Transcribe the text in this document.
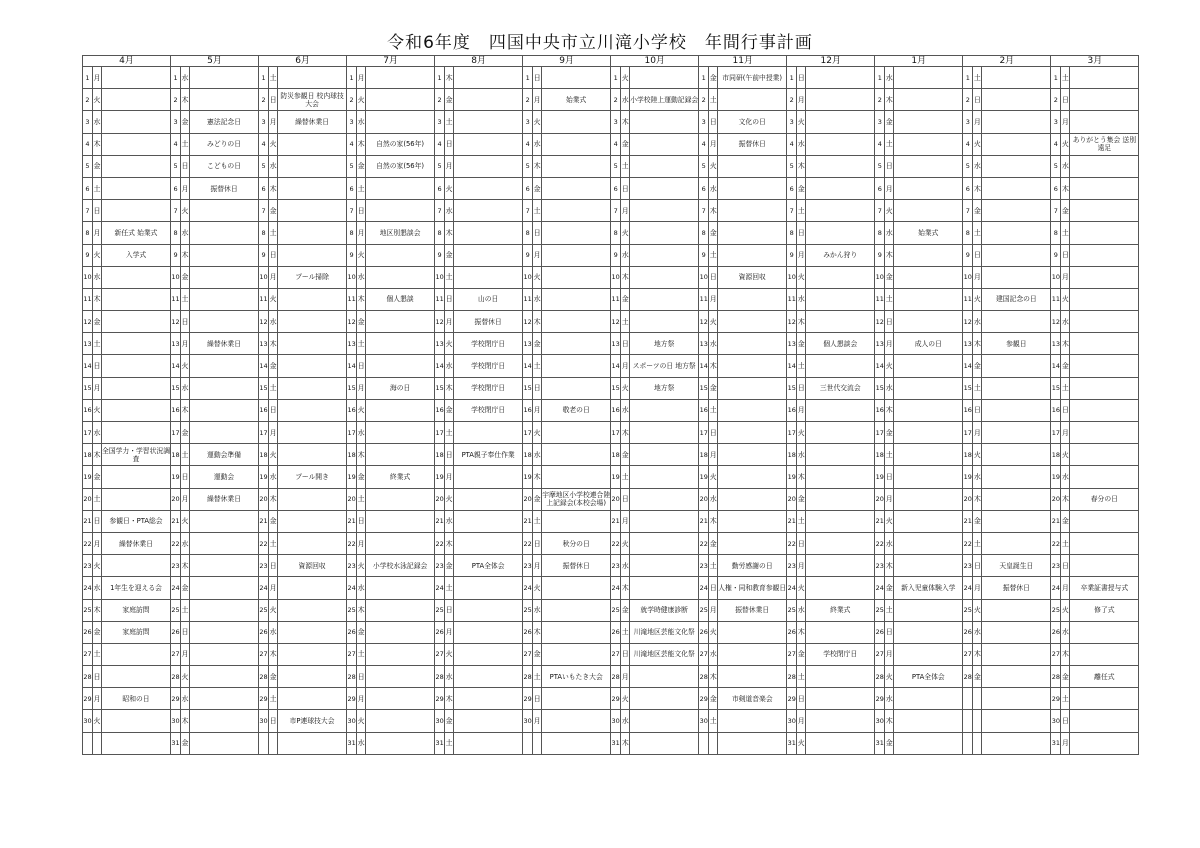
令和6年度　四国中央市立川滝小学校　年間行事計画
4月			5月			6月			7月			8月			9月			10月			11月			12月			1月			2月			3月		
1	月		1	水		1	土		1	月		1	木		1	日		1	火		1	金	市同研(午前中授業)	1	日		1	水		1	土		1	土	
2	火		2	木		2	日	防災参観日 校内球技大会	2	火		2	金		2	月	始業式	2	水	小学校陸上運動記録会	2	土		2	月		2	木		2	日		2	日	
3	水		3	金	憲法記念日	3	月	繰替休業日	3	水		3	土		3	火		3	木		3	日	文化の日	3	火		3	金		3	月		3	月	
4	木		4	土	みどりの日	4	火		4	木	自然の家(56年)	4	日		4	水		4	金		4	月	振替休日	4	水		4	土		4	火		4	火	ありがとう集会 送別遠足
5	金		5	日	こどもの日	5	水		5	金	自然の家(56年)	5	月		5	木		5	土		5	火		5	木		5	日		5	水		5	水	
6	土		6	月	振替休日	6	木		6	土		6	火		6	金		6	日		6	水		6	金		6	月		6	木		6	木	
7	日		7	火		7	金		7	日		7	水		7	土		7	月		7	木		7	土		7	火		7	金		7	金	
8	月	新任式 始業式	8	水		8	土		8	月	地区別懇談会	8	木		8	日		8	火		8	金		8	日		8	水	始業式	8	土		8	土	
9	火	入学式	9	木		9	日		9	火		9	金		9	月		9	水		9	土		9	月	みかん狩り	9	木		9	日		9	日	
10	水		10	金		10	月	プール掃除	10	水		10	土		10	火		10	木		10	日	資源回収	10	火		10	金		10	月		10	月	
11	木		11	土		11	火		11	木	個人懇談	11	日	山の日	11	水		11	金		11	月		11	水		11	土		11	火	建国記念の日	11	火	
12	金		12	日		12	水		12	金		12	月	振替休日	12	木		12	土		12	火		12	木		12	日		12	水		12	水	
13	土		13	月	繰替休業日	13	木		13	土		13	火	学校閉庁日	13	金		13	日	地方祭	13	水		13	金	個人懇談会	13	月	成人の日	13	木	参観日	13	木	
14	日		14	火		14	金		14	日		14	水	学校閉庁日	14	土		14	月	スポーツの日 地方祭	14	木		14	土		14	火		14	金		14	金	
15	月		15	水		15	土		15	月	海の日	15	木	学校閉庁日	15	日		15	火	地方祭	15	金		15	日	三世代交流会	15	水		15	土		15	土	
16	火		16	木		16	日		16	火		16	金	学校閉庁日	16	月	敬老の日	16	水		16	土		16	月		16	木		16	日		16	日	
17	水		17	金		17	月		17	水		17	土		17	火		17	木		17	日		17	火		17	金		17	月		17	月	
18	木	全国学力・学習状況調査	18	土	運動会準備	18	火		18	木		18	日	PTA親子奉仕作業	18	水		18	金		18	月		18	水		18	土		18	火		18	火	
19	金		19	日	運動会	19	水	プール開き	19	金	終業式	19	月		19	木		19	土		19	火		19	木		19	日		19	水		19	水	
20	土		20	月	繰替休業日	20	木		20	土		20	火		20	金	宇摩地区小学校連合陸上記録会(本校会場)	20	日		20	水		20	金		20	月		20	木		20	木	春分の日
21	日	参観日・PTA総会	21	火		21	金		21	日		21	水		21	土		21	月		21	木		21	土		21	火		21	金		21	金	
22	月	繰替休業日	22	水		22	土		22	月		22	木		22	日	秋分の日	22	火		22	金		22	日		22	水		22	土		22	土	
23	火		23	木		23	日	資源回収	23	火	小学校水泳記録会	23	金	PTA全体会	23	月	振替休日	23	水		23	土	勤労感謝の日	23	月		23	木		23	日	天皇誕生日	23	日	
24	水	1年生を迎える会	24	金		24	月		24	水		24	土		24	火		24	木		24	日	人権・同和教育参観日	24	火		24	金	新入児童体験入学	24	月	振替休日	24	月	卒業証書授与式
25	木	家庭訪問	25	土		25	火		25	木		25	日		25	水		25	金	就学時健康診断	25	月	振替休業日	25	水	終業式	25	土		25	火		25	火	修了式
26	金	家庭訪問	26	日		26	水		26	金		26	月		26	木		26	土	川滝地区芸能文化祭	26	火		26	木		26	日		26	水		26	水	
27	土		27	月		27	木		27	土		27	火		27	金		27	日	川滝地区芸能文化祭	27	水		27	金	学校閉庁日	27	月		27	木		27	木	
28	日		28	火		28	金		28	日		28	水		28	土	PTAいもたき大会	28	月		28	木		28	土		28	火	PTA全体会	28	金		28	金	離任式
29	月	昭和の日	29	水		29	土		29	月		29	木		29	日		29	火		29	金	市剣道音楽会	29	日		29	水					29	土	
30	火		30	木		30	日	市P連球技大会	30	火		30	金		30	月		30	水		30	土		30	月		30	木					30	日	
			31	金					31	水		31	土					31	木					31	火		31	金					31	月	
